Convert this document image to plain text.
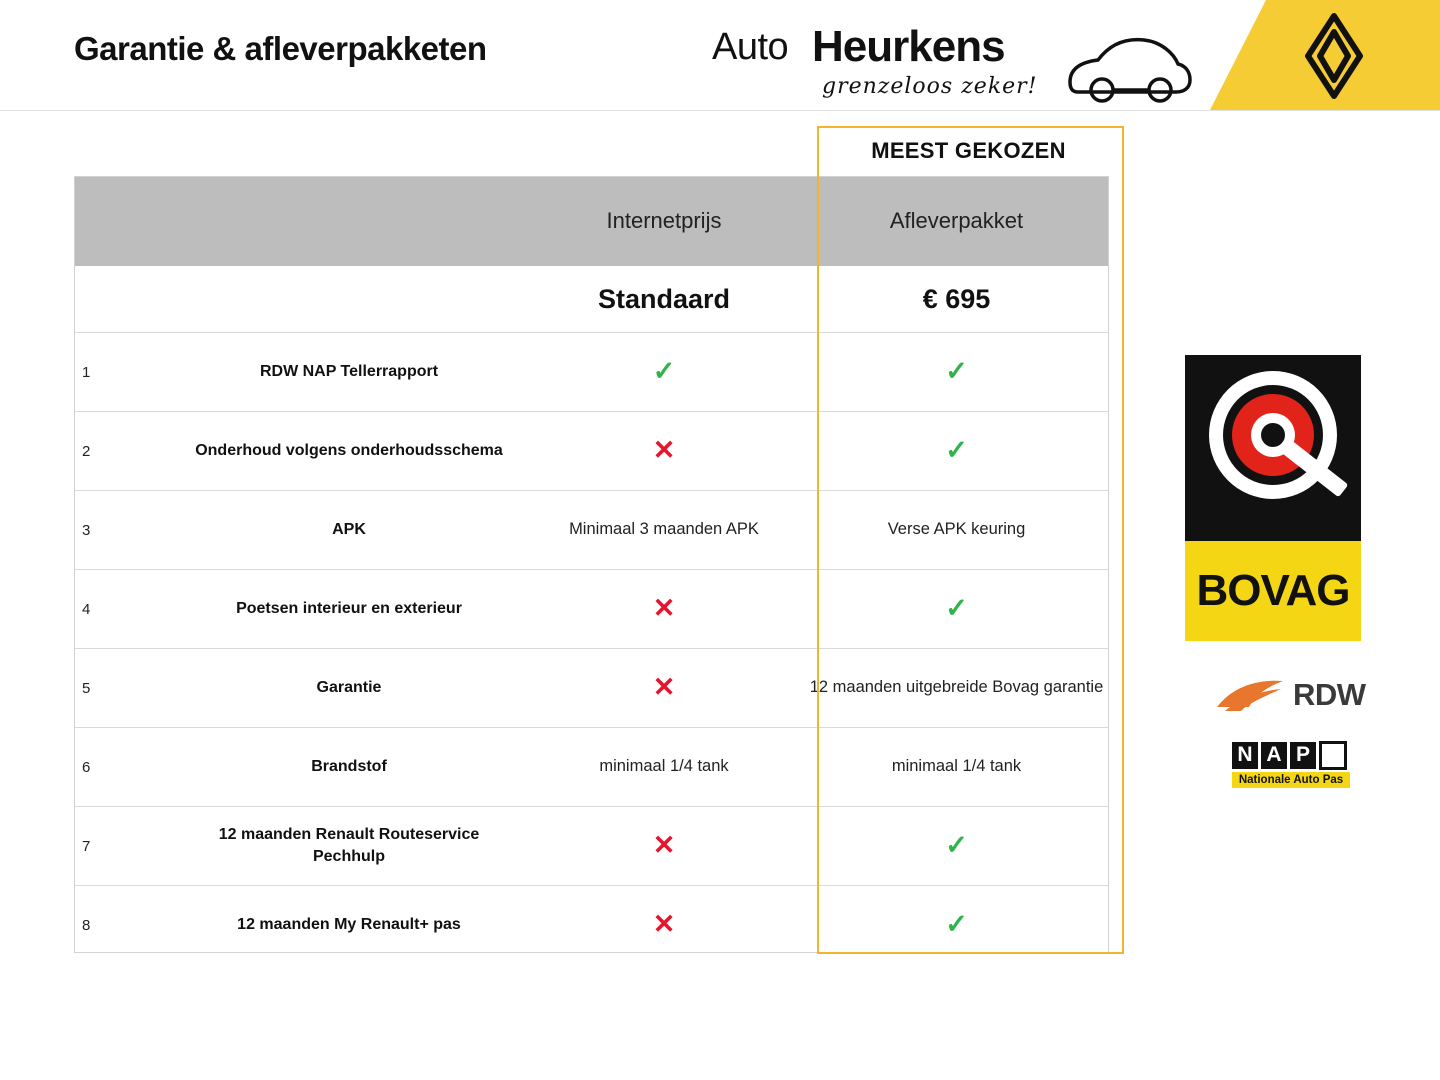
Garantie & afleverpakketen	Auto Heurkens
grenzeloos zeker!
		Internetprijs	Afleverpakket
		Standaard	€ 695
1	RDW NAP Tellerrapport	✓	✓
2	Onderhoud volgens onderhoudsschema	✕	✓
3	APK	Minimaal 3 maanden APK	Verse APK keuring
4	Poetsen interieur en exterieur	✕	✓
5	Garantie	✕	12 maanden uitgebreide Bovag garantie
6	Brandstof	minimaal 1/4 tank	minimaal 1/4 tank
7	12 maanden Renault Routeservice Pechhulp	✕	✓
8	12 maanden My Renault+ pas	✕	✓
MEEST GEKOZEN
BOVAG
RDW
N A P
Nationale Auto Pas
